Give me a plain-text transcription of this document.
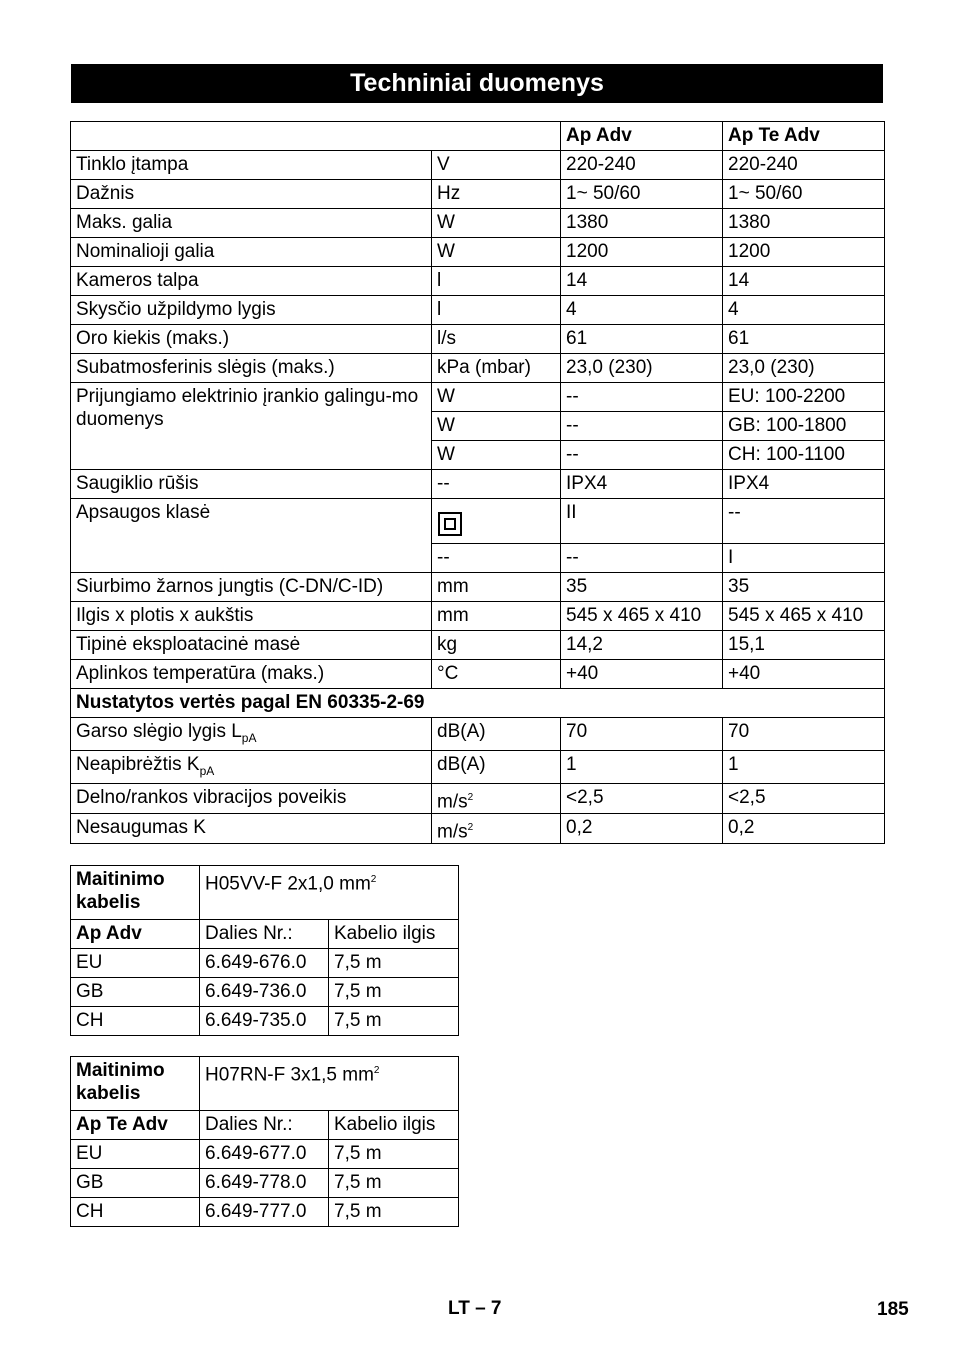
Techniniai duomenys
		Ap Adv	Ap Te Adv
Tinklo įtampa	V	220-240	220-240
Dažnis	Hz	1~ 50/60	1~ 50/60
Maks. galia	W	1380	1380
Nominalioji galia	W	1200	1200
Kameros talpa	l	14	14
Skysčio užpildymo lygis	l	4	4
Oro kiekis (maks.)	l/s	61	61
Subatmosferinis slėgis (maks.)	kPa (mbar)	23,0 (230)	23,0 (230)
Prijungiamo elektrinio įrankio galingu-mo duomenys	W	--	EU: 100-2200
	W	--	GB: 100-1800
	W	--	CH: 100-1100
Saugiklio rūšis	--	IPX4	IPX4
Apsaugos klasė		II	--
	--	--	I
Siurbimo žarnos jungtis (C-DN/C-ID)	mm	35	35
Ilgis x plotis x aukštis	mm	545 x 465 x 410	545 x 465 x 410
Tipinė eksploatacinė masė	kg	14,2	15,1
Aplinkos temperatūra (maks.)	°C	+40	+40
Nustatytos vertės pagal EN 60335-2-69			
Garso slėgio lygis $L_{pA}$	dB(A)	70	70
Neapibrėžtis $K_{pA}$	dB(A)	1	1
Delno/rankos vibracijos poveikis	$m/s^2$	<2,5	<2,5
Nesaugumas K	$m/s^2$	0,2	0,2
Maitinimo kabelis	H05VV-F 2x1,0 $mm^2$
Ap Adv	Dalies Nr.:	Kabelio ilgis
EU	6.649-676.0	7,5 m
GB	6.649-736.0	7,5 m
CH	6.649-735.0	7,5 m
Maitinimo kabelis	H07RN-F 3x1,5 $mm^2$
Ap Te Adv	Dalies Nr.:	Kabelio ilgis
EU	6.649-677.0	7,5 m
GB	6.649-778.0	7,5 m
CH	6.649-777.0	7,5 m
LT – 7	185
